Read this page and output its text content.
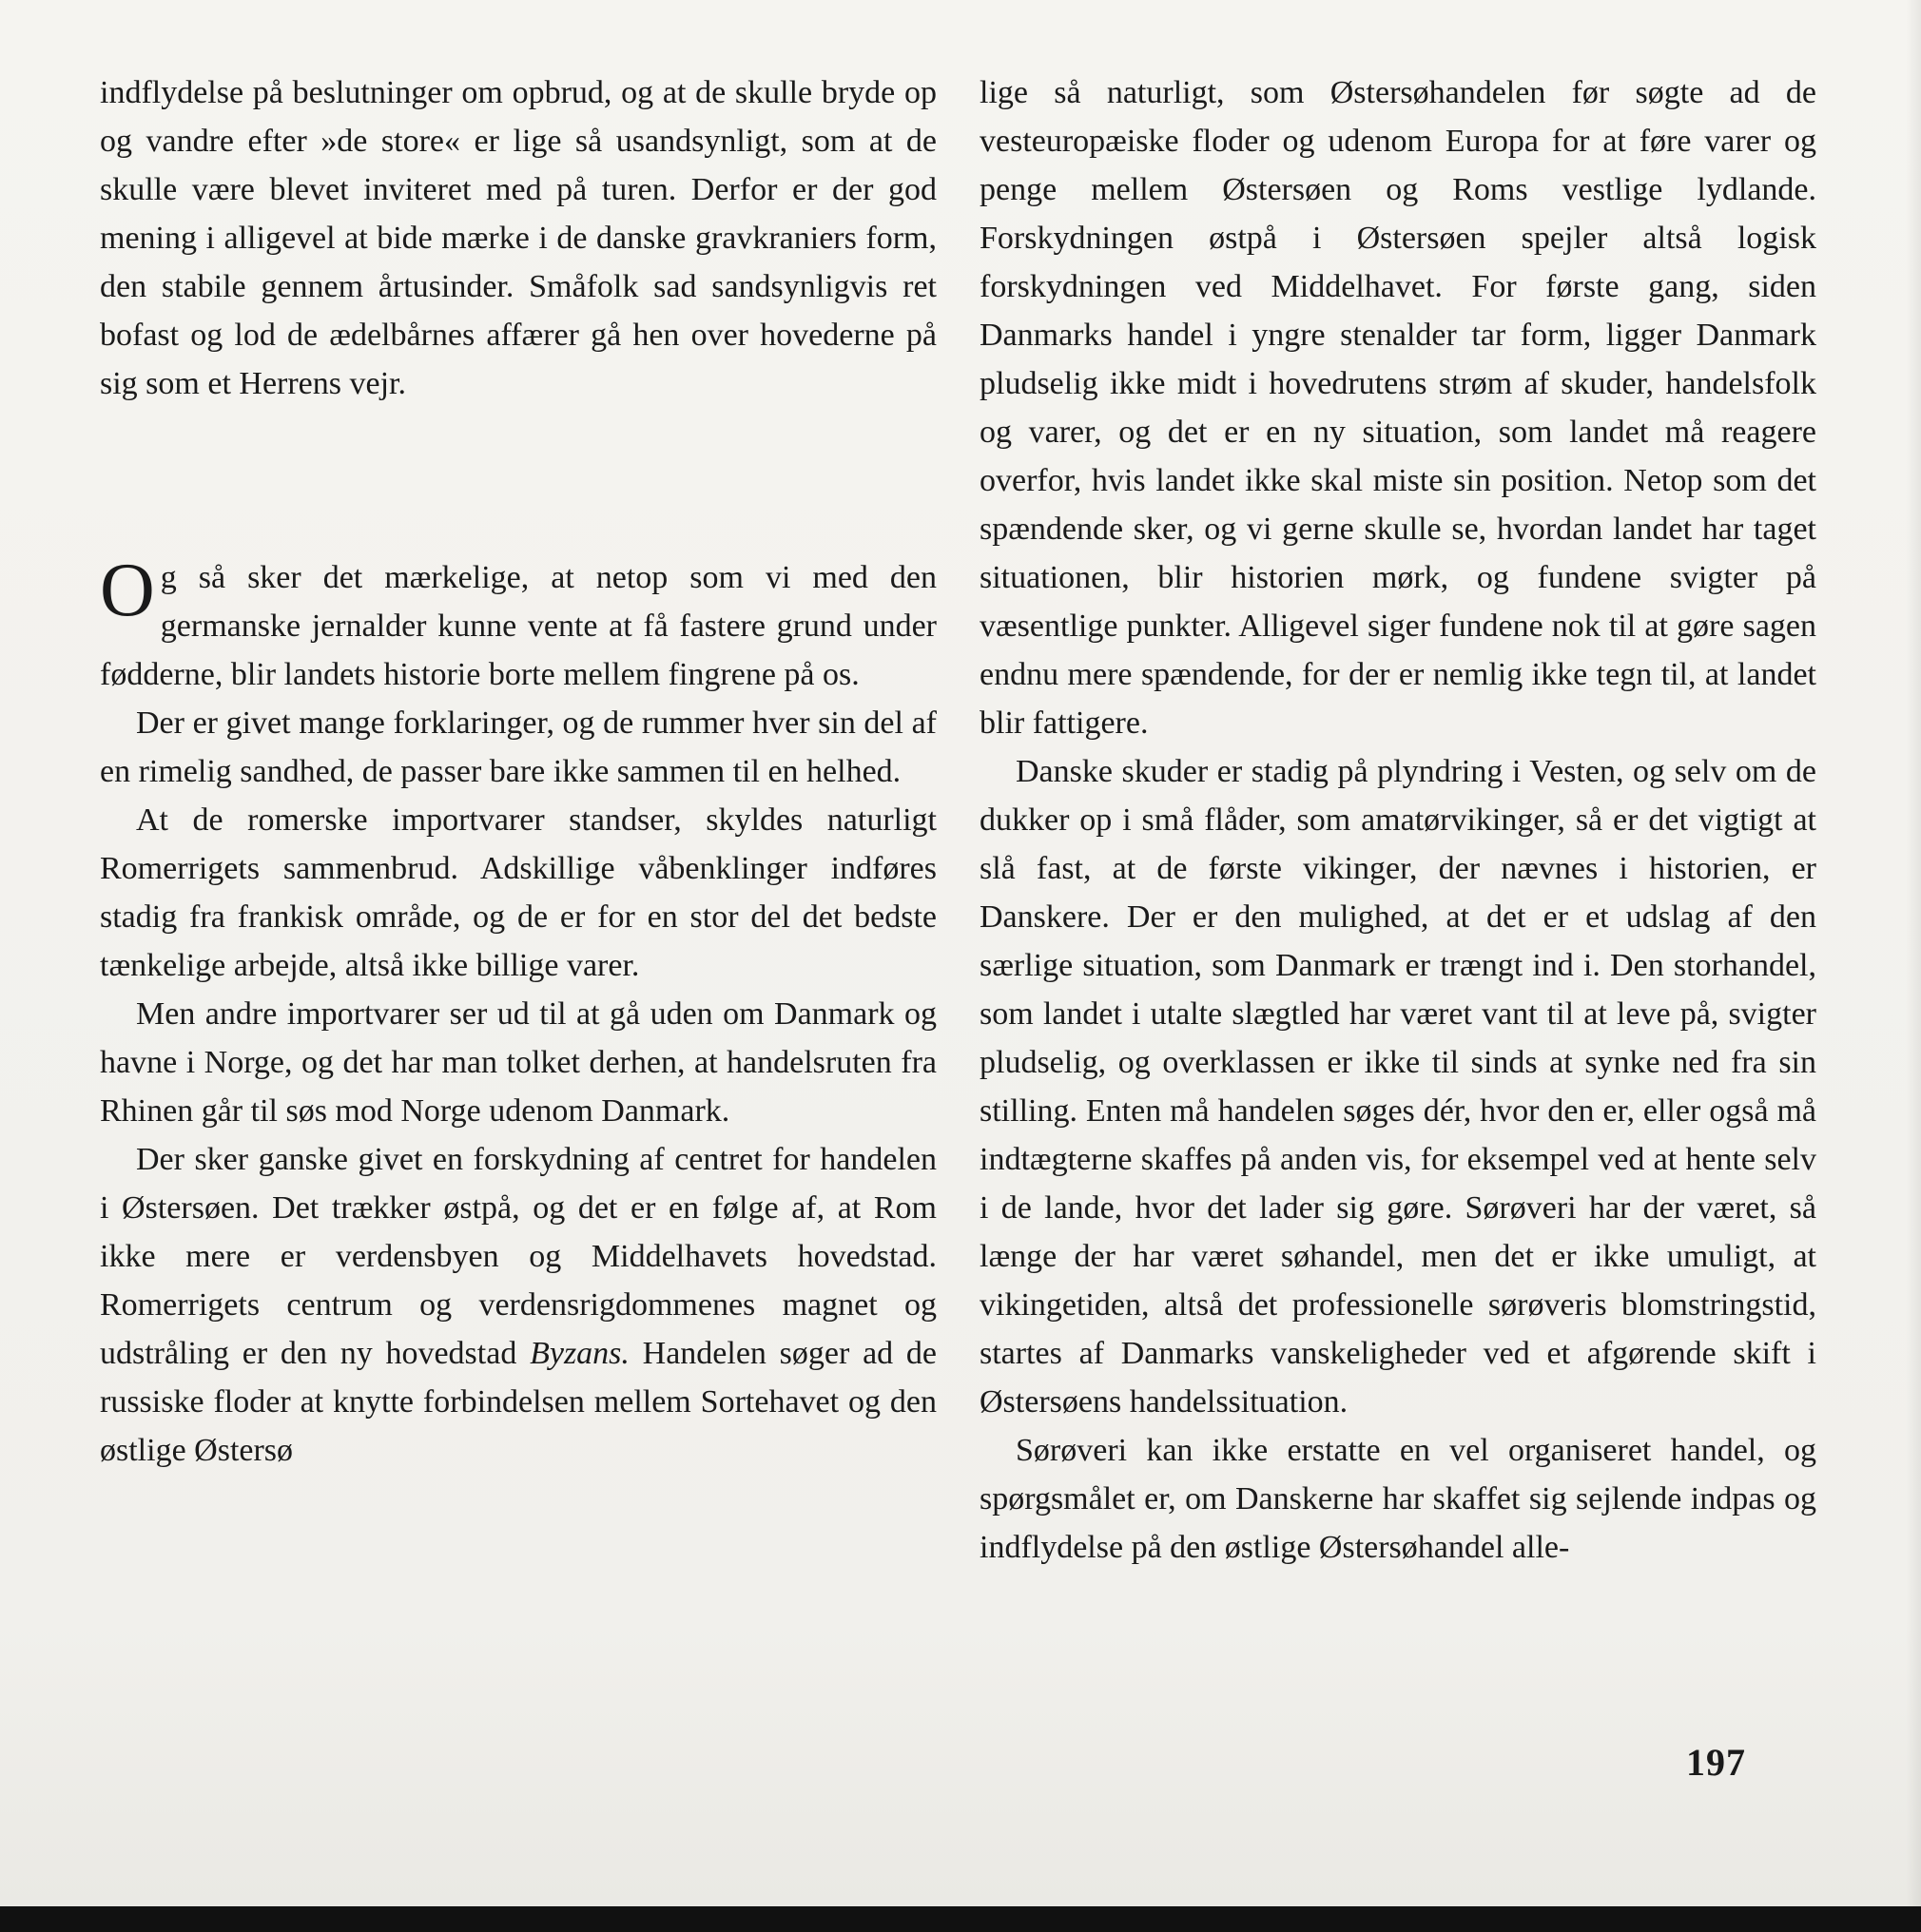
indflydelse på beslutninger om opbrud, og at de skulle bryde op og vandre efter »de store« er lige så usandsynligt, som at de skulle være blevet inviteret med på turen. Derfor er der god mening i alligevel at bide mærke i de danske gravkraniers form, den stabile gennem årtusinder. Småfolk sad sandsynligvis ret bofast og lod de ædelbårnes affærer gå hen over hovederne på sig som et Herrens vejr.

Og så sker det mærkelige, at netop som vi med den germanske jernalder kunne vente at få fastere grund under fødderne, blir landets historie borte mellem fingrene på os.

Der er givet mange forklaringer, og de rummer hver sin del af en rimelig sandhed, de passer bare ikke sammen til en helhed.

At de romerske importvarer standser, skyldes naturligt Romerrigets sammenbrud. Adskillige våbenklinger indføres stadig fra frankisk område, og de er for en stor del det bedste tænkelige arbejde, altså ikke billige varer.

Men andre importvarer ser ud til at gå uden om Danmark og havne i Norge, og det har man tolket derhen, at handelsruten fra Rhinen går til søs mod Norge udenom Danmark.

Der sker ganske givet en forskydning af centret for handelen i Østersøen. Det trækker østpå, og det er en følge af, at Rom ikke mere er verdensbyen og Middelhavets hovedstad. Romerrigets centrum og verdensrigdommenes magnet og udstråling er den ny hovedstad Byzans. Handelen søger ad de russiske floder at knytte forbindelsen mellem Sortehavet og den østlige Østersø

lige så naturligt, som Østersøhandelen før søgte ad de vesteuropæiske floder og udenom Europa for at føre varer og penge mellem Østersøen og Roms vestlige lydlande. Forskydningen østpå i Østersøen spejler altså logisk forskydningen ved Middelhavet. For første gang, siden Danmarks handel i yngre stenalder tar form, ligger Danmark pludselig ikke midt i hovedrutens strøm af skuder, handelsfolk og varer, og det er en ny situation, som landet må reagere overfor, hvis landet ikke skal miste sin position. Netop som det spændende sker, og vi gerne skulle se, hvordan landet har taget situationen, blir historien mørk, og fundene svigter på væsentlige punkter. Alligevel siger fundene nok til at gøre sagen endnu mere spændende, for der er nemlig ikke tegn til, at landet blir fattigere.

Danske skuder er stadig på plyndring i Vesten, og selv om de dukker op i små flåder, som amatørvikinger, så er det vigtigt at slå fast, at de første vikinger, der nævnes i historien, er Danskere. Der er den mulighed, at det er et udslag af den særlige situation, som Danmark er trængt ind i. Den storhandel, som landet i utalte slægtled har været vant til at leve på, svigter pludselig, og overklassen er ikke til sinds at synke ned fra sin stilling. Enten må handelen søges dér, hvor den er, eller også må indtægterne skaffes på anden vis, for eksempel ved at hente selv i de lande, hvor det lader sig gøre. Sørøveri har der været, så længe der har været søhandel, men det er ikke umuligt, at vikingetiden, altså det professionelle sørøveris blomstringstid, startes af Danmarks vanskeligheder ved et afgørende skift i Østersøens handelssituation.

Sørøveri kan ikke erstatte en vel organiseret handel, og spørgsmålet er, om Danskerne har skaffet sig sejlende indpas og indflydelse på den østlige Østersøhandel alle-

197
